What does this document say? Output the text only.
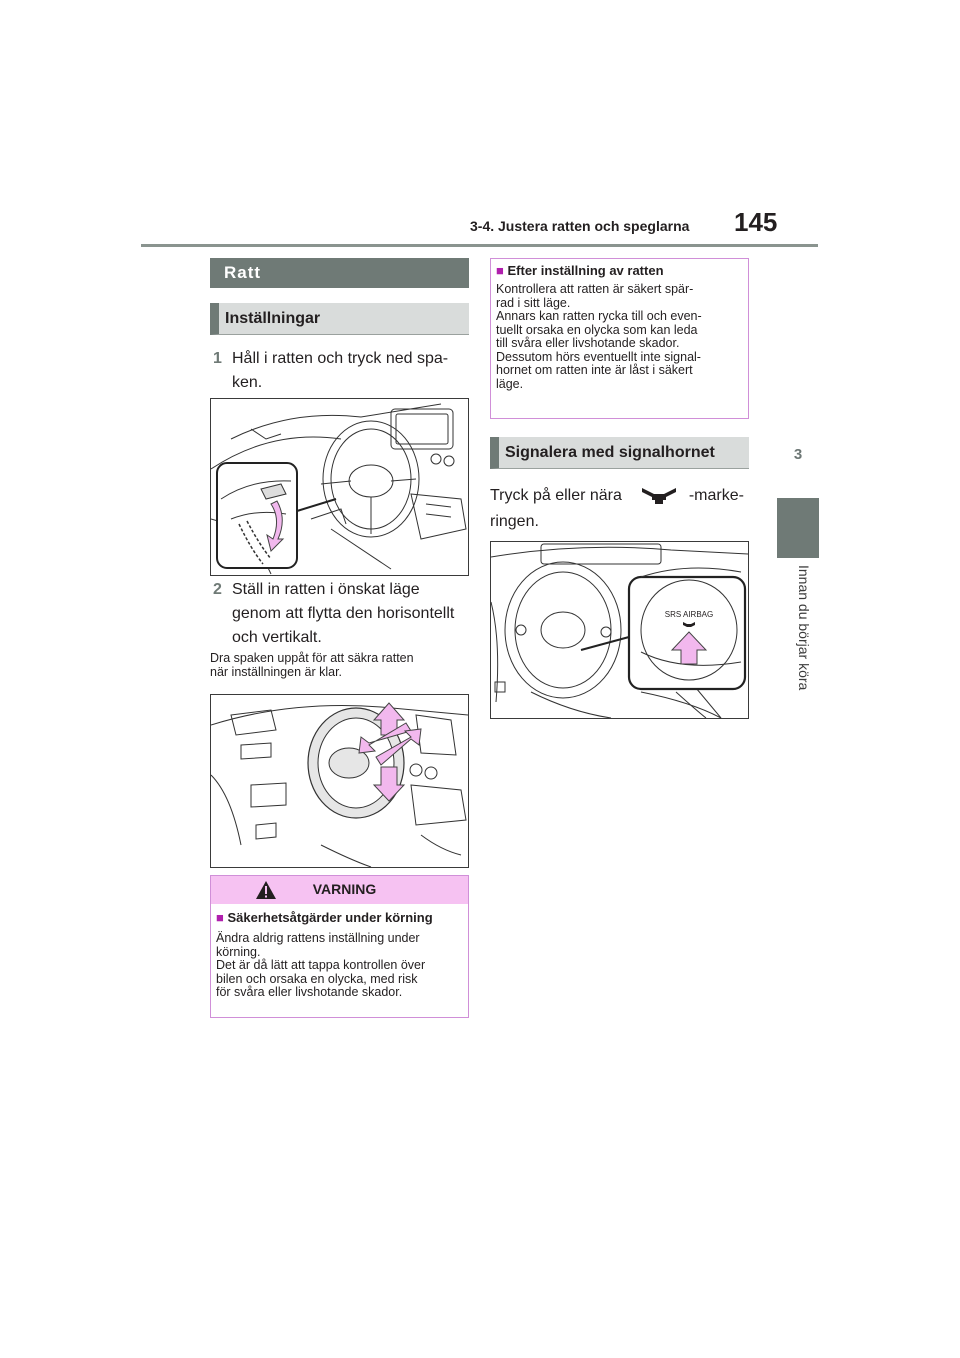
3-4. Justera ratten och speglarna 145
3
Innan du börjar köra
Ratt
Inställningar
1 Håll i ratten och tryck ned spa-
ken.
2 Ställ in ratten i önskat läge
genom att flytta den horisontellt
och vertikalt.
Dra spaken uppåt för att säkra ratten
när inställningen är klar.
VARNING
■ Säkerhetsåtgärder under körning
Ändra aldrig rattens inställning under
körning.
Det är då lätt att tappa kontrollen över
bilen och orsaka en olycka, med risk
för svåra eller livshotande skador.
■ Efter inställning av ratten
Kontrollera att ratten är säkert spär-
rad i sitt läge.
Annars kan ratten rycka till och even-
tuellt orsaka en olycka som kan leda
till svåra eller livshotande skador.
Dessutom hörs eventuellt inte signal-
hornet om ratten inte är låst i säkert
läge.
Signalera med signalhornet
Tryck på eller nära	-marke-
ringen.
SRS AIRBAG
